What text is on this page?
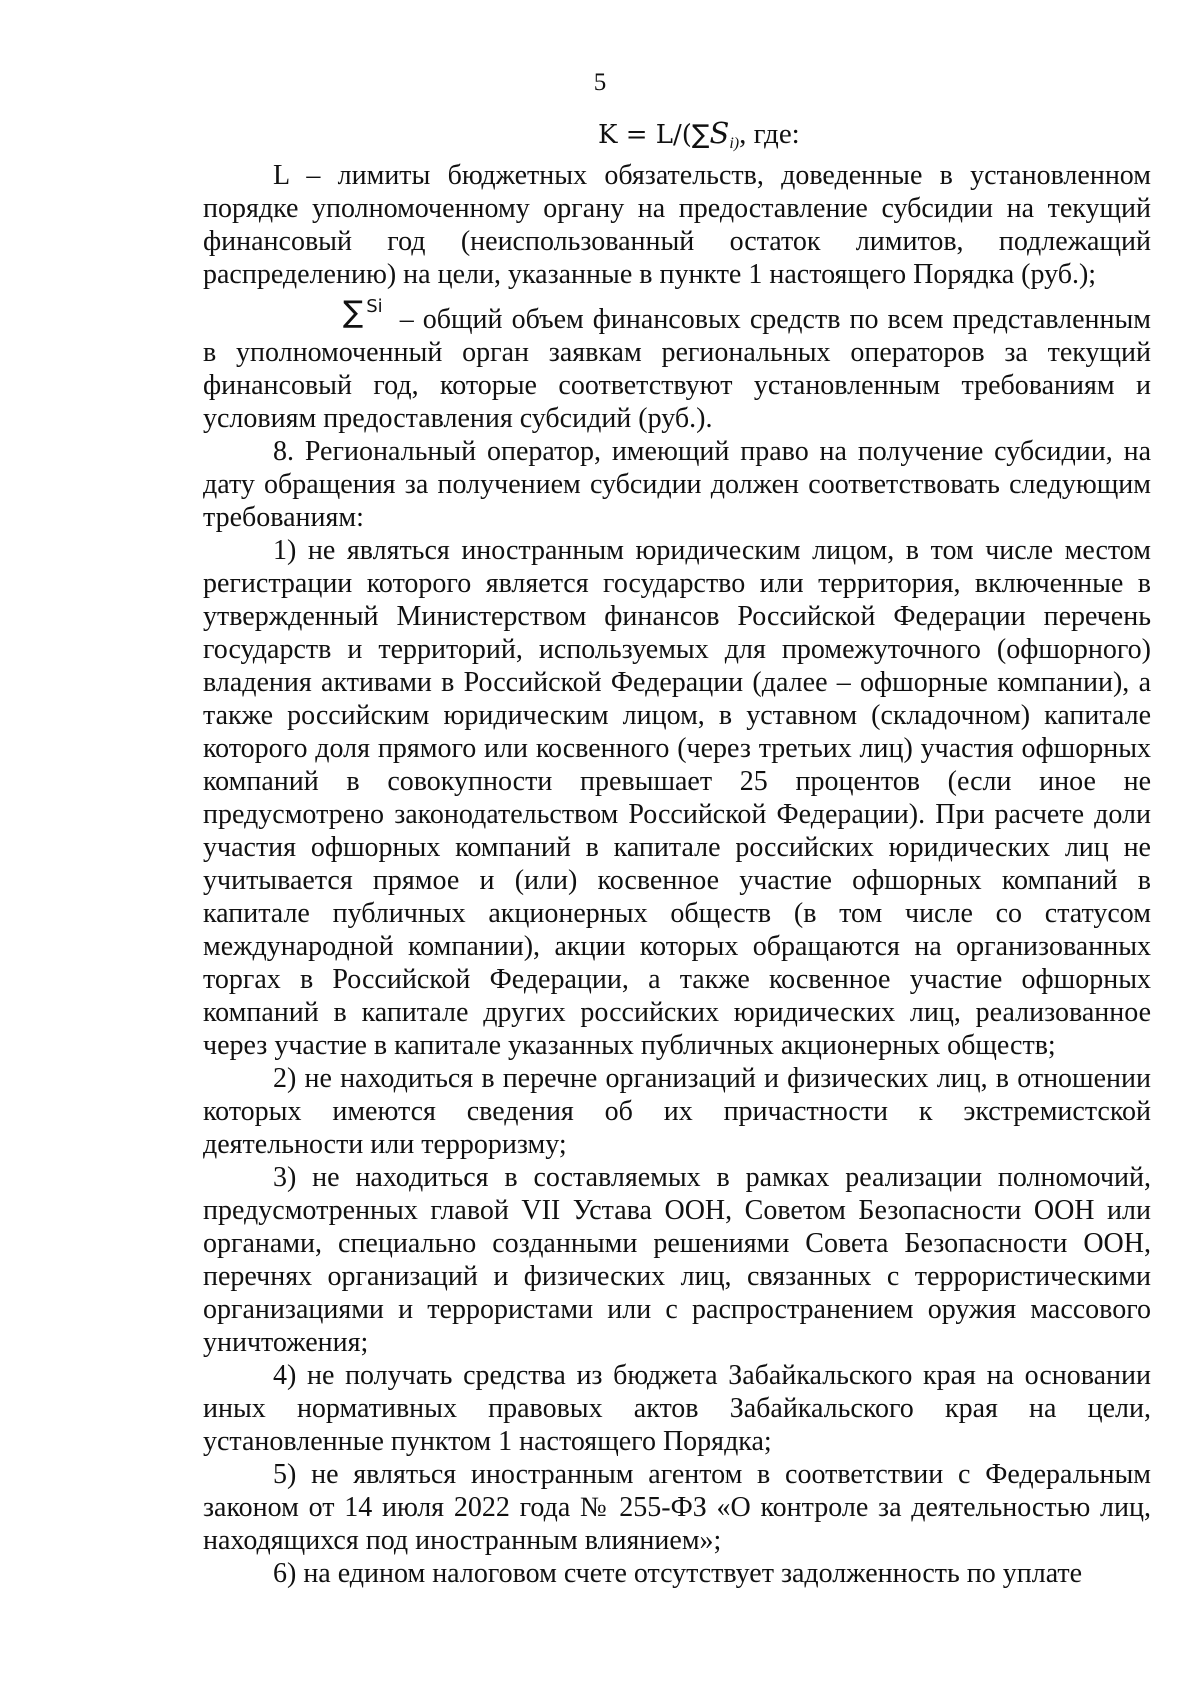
5
$K = L/(\sum S_{i)}$, где:

L – лимиты бюджетных обязательств, доведенные в установленном порядке уполномоченному органу на предоставление субсидии на текущий финансовый год (неиспользованный остаток лимитов, подлежащий распределению) на цели, указанные в пункте 1 настоящего Порядка (руб.);

∑ $^{Si}$ – общий объем финансовых средств по всем представленным в уполномоченный орган заявкам региональных операторов за текущий финансовый год, которые соответствуют установленным требованиям и условиям предоставления субсидий (руб.).

8. Региональный оператор, имеющий право на получение субсидии, на дату обращения за получением субсидии должен соответствовать следующим требованиям:

1) не являться иностранным юридическим лицом, в том числе местом регистрации которого является государство или территория, включенные в утвержденный Министерством финансов Российской Федерации перечень государств и территорий, используемых для промежуточного (офшорного) владения активами в Российской Федерации (далее – офшорные компании), а также российским юридическим лицом, в уставном (складочном) капитале которого доля прямого или косвенного (через третьих лиц) участия офшорных компаний в совокупности превышает 25 процентов (если иное не предусмотрено законодательством Российской Федерации). При расчете доли участия офшорных компаний в капитале российских юридических лиц не учитывается прямое и (или) косвенное участие офшорных компаний в капитале публичных акционерных обществ (в том числе со статусом международной компании), акции которых обращаются на организованных торгах в Российской Федерации, а также косвенное участие офшорных компаний в капитале других российских юридических лиц, реализованное через участие в капитале указанных публичных акционерных обществ;

2) не находиться в перечне организаций и физических лиц, в отношении которых имеются сведения об их причастности к экстремистской деятельности или терроризму;

3) не находиться в составляемых в рамках реализации полномочий, предусмотренных главой VII Устава ООН, Советом Безопасности ООН или органами, специально созданными решениями Совета Безопасности ООН, перечнях организаций и физических лиц, связанных с террористическими организациями и террористами или с распространением оружия массового уничтожения;

4) не получать средства из бюджета Забайкальского края на основании иных нормативных правовых актов Забайкальского края на цели, установленные пунктом 1 настоящего Порядка;

5) не являться иностранным агентом в соответствии с Федеральным законом от 14 июля 2022 года № 255-ФЗ «О контроле за деятельностью лиц, находящихся под иностранным влиянием»;

6) на едином налоговом счете отсутствует задолженность по уплате
